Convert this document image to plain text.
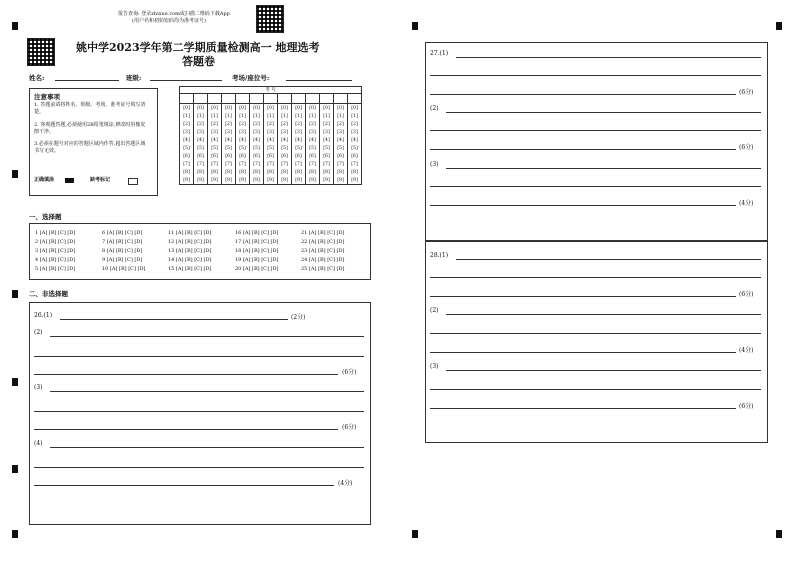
报告查询: 登录zhixue.com或扫描二维码下载App
(用户名和初始密码均为准考证号)
姚中学2023学年第二学期质量检测高一 地理选考
答题卷
姓名:	班级:	考场/座位号:
注意事项
1. 答题前请将姓名、班级、考场、准考证号填写清楚。
2. 客观题答题,必须使用2B铅笔填涂,修改时用橡皮擦干净。
3.必须在题号对应的答题区域内作答,超出答题区域书写无效。
正确填涂	缺考标记
考 号												

[0]	[0]	[0]	[0]	[0]	[0]	[0]	[0]	[0]	[0]	[0]	[0]	[0]
[1]	[1]	[1]	[1]	[1]	[1]	[1]	[1]	[1]	[1]	[1]	[1]	[1]
[2]	[2]	[2]	[2]	[2]	[2]	[2]	[2]	[2]	[2]	[2]	[2]	[2]
[3]	[3]	[3]	[3]	[3]	[3]	[3]	[3]	[3]	[3]	[3]	[3]	[3]
[4]	[4]	[4]	[4]	[4]	[4]	[4]	[4]	[4]	[4]	[4]	[4]	[4]
[5]	[5]	[5]	[5]	[5]	[5]	[5]	[5]	[5]	[5]	[5]	[5]	[5]
[6]	[6]	[6]	[6]	[6]	[6]	[6]	[6]	[6]	[6]	[6]	[6]	[6]
[7]	[7]	[7]	[7]	[7]	[7]	[7]	[7]	[7]	[7]	[7]	[7]	[7]
[8]	[8]	[8]	[8]	[8]	[8]	[8]	[8]	[8]	[8]	[8]	[8]	[8]
[9]	[9]	[9]	[9]	[9]	[9]	[9]	[9]	[9]	[9]	[9]	[9]	[9]
一、选择题
1 [A] [B] [C] [D]	6 [A] [B] [C] [D]	11 [A] [B] [C] [D]	16 [A] [B] [C] [D]	21 [A] [B] [C] [D]
2 [A] [B] [C] [D]	7 [A] [B] [C] [D]	12 [A] [B] [C] [D]	17 [A] [B] [C] [D]	22 [A] [B] [C] [D]
3 [A] [B] [C] [D]	8 [A] [B] [C] [D]	13 [A] [B] [C] [D]	18 [A] [B] [C] [D]	23 [A] [B] [C] [D]
4 [A] [B] [C] [D]	9 [A] [B] [C] [D]	14 [A] [B] [C] [D]	19 [A] [B] [C] [D]	24 [A] [B] [C] [D]
5 [A] [B] [C] [D]	10 [A] [B] [C] [D]	15 [A] [B] [C] [D]	20 [A] [B] [C] [D]	25 [A] [B] [C] [D]
二、非选择题
26.(1)	(2分)
(2)
(6分)
(3)
(6分)
(4)
(4分)
27.(1)
(6分)
(2)
(6分)
(3)
(4分)
28.(1)
(6分)
(2)
(4分)
(3)
(6分)
